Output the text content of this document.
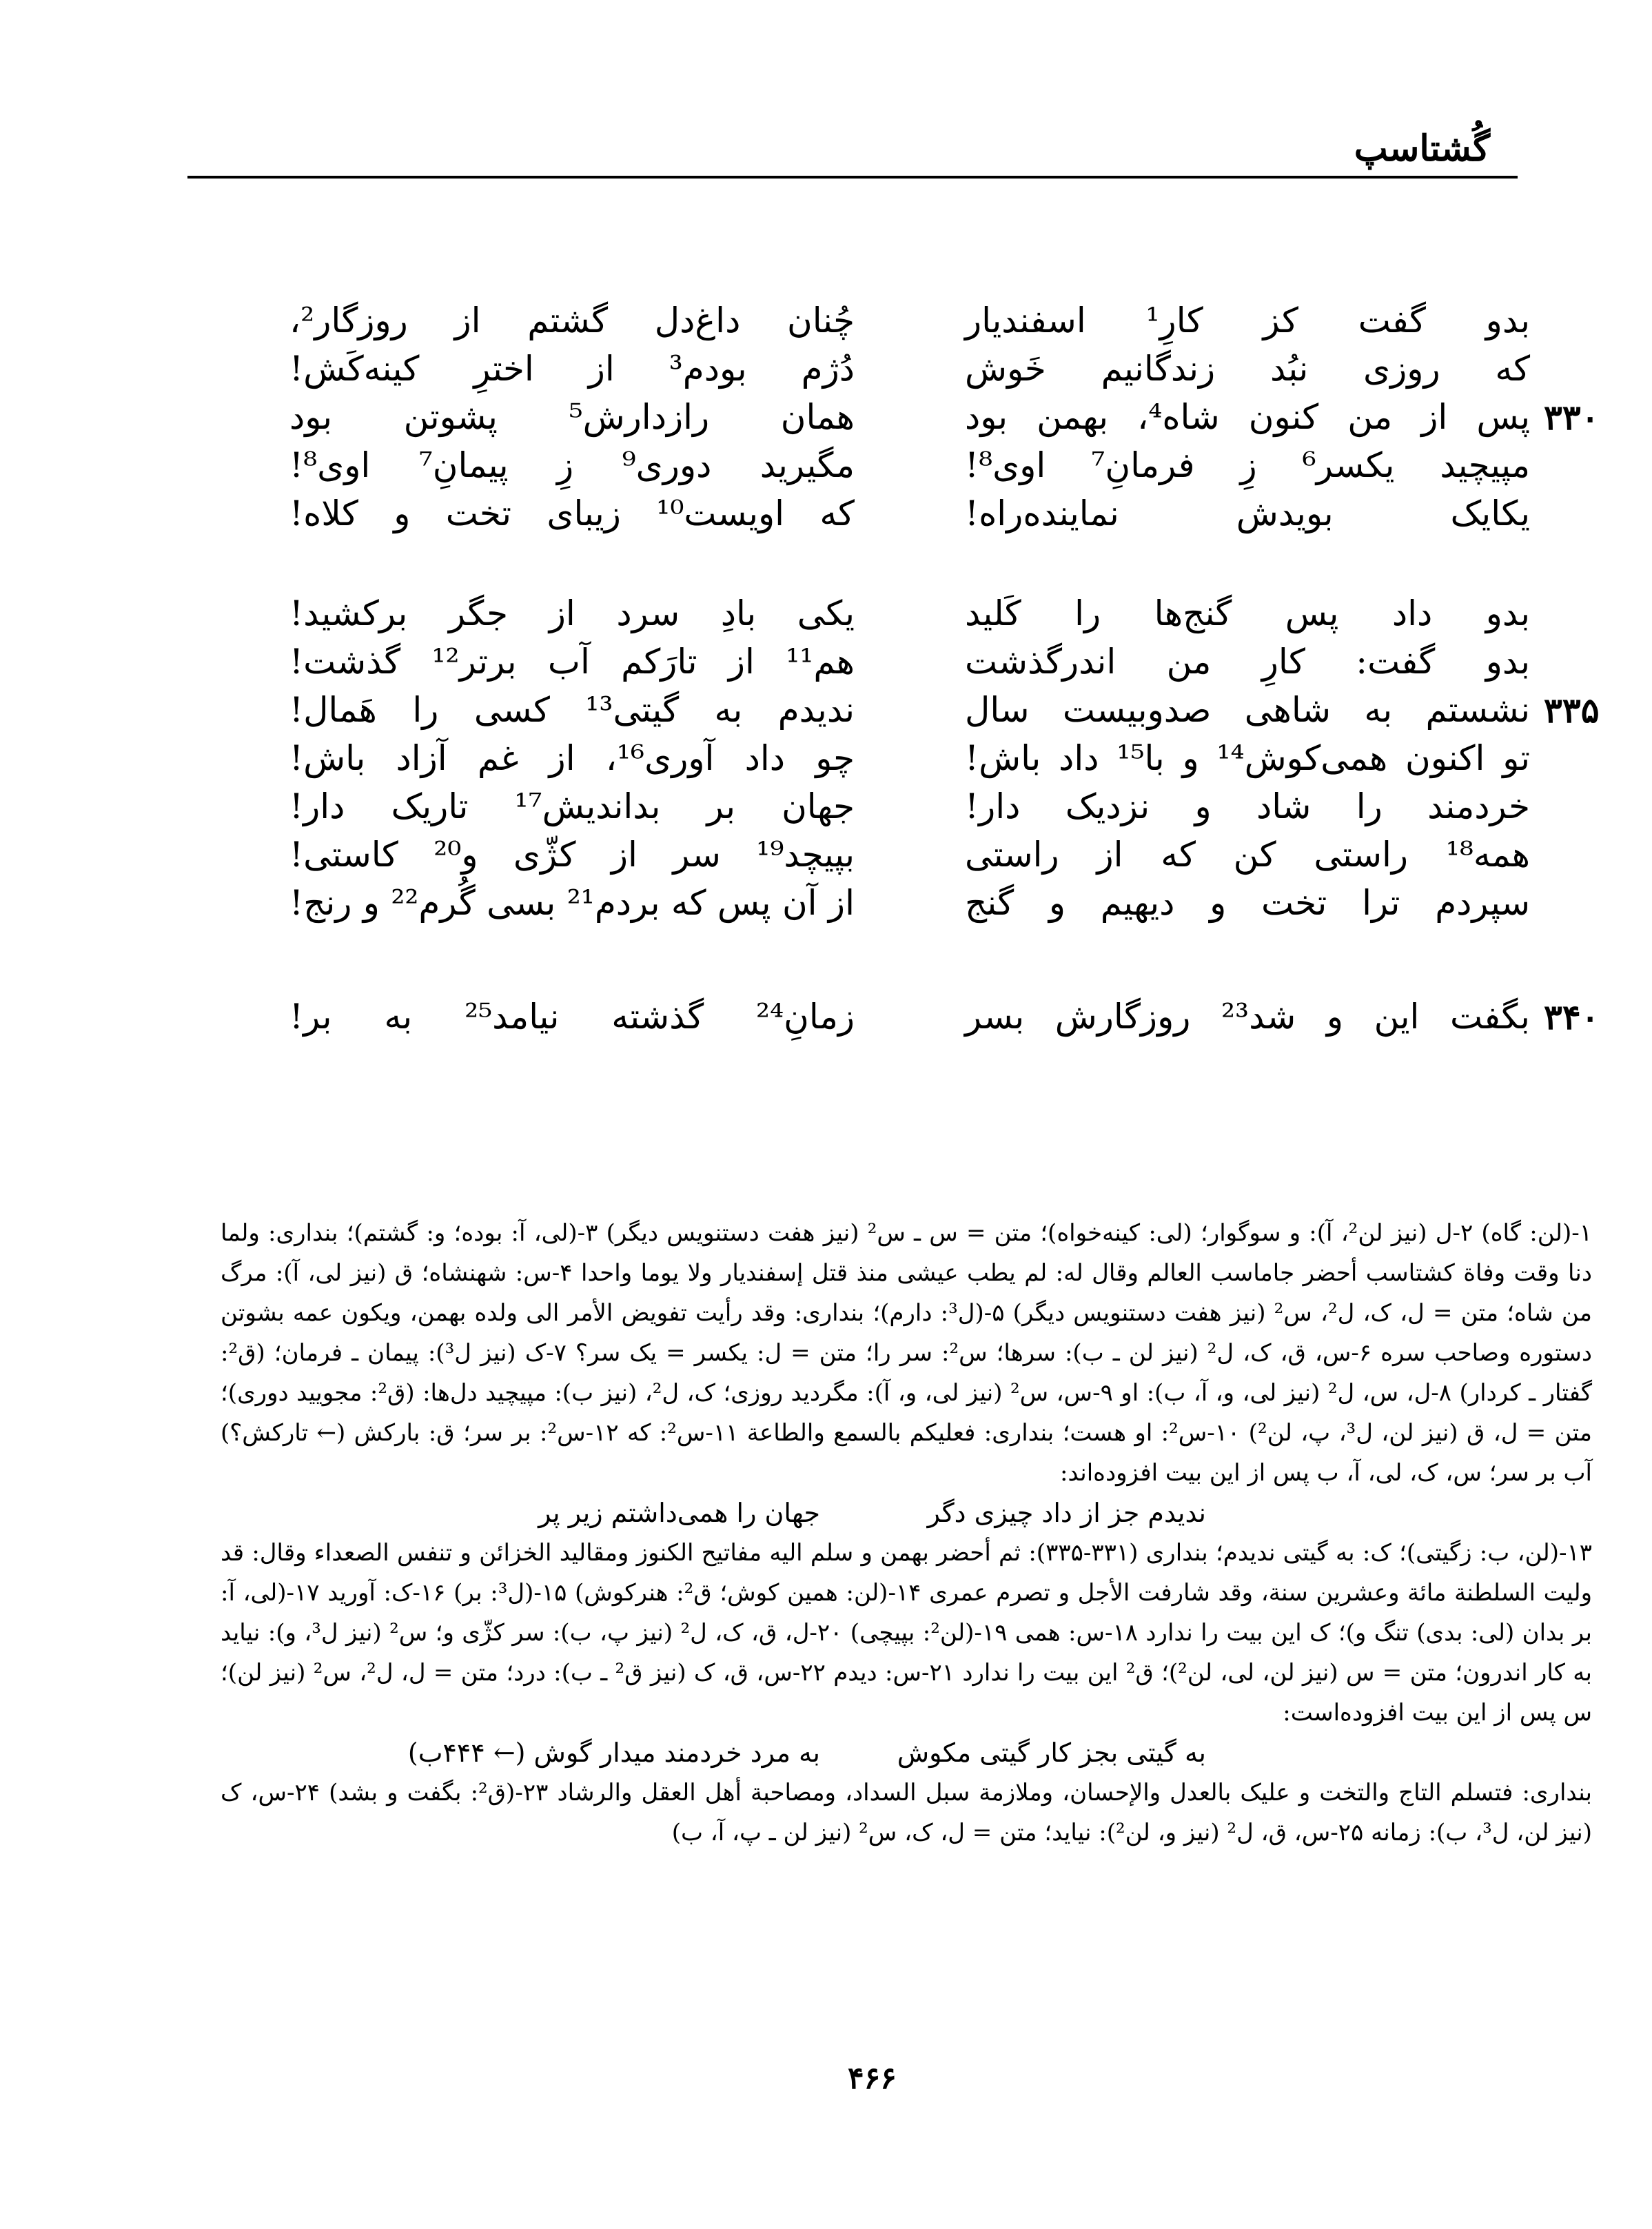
گُشتاسپ
بدو گفت کز کارِ¹ اسفندیار
چُنان داغ‌دل گشتم از روزگار²،
که روزی نبُد زندگانیم خَوش
دُژم بودم³ از اخترِ کینه‌کَش!
۳۳۰
پس از من کنون شاه⁴، بهمن بود
همان رازدارش⁵ پشوتن بود
مپیچید یکسر⁶ زِ فرمانِ⁷ اوی⁸!
مگیرید دوری⁹ زِ پیمانِ⁷ اوی⁸!
یکایک بویدش نماینده‌راه!
که اویست¹⁰ زیبای تخت و کلاه!
بدو داد پس گنج‌ها را کَلید
یکی بادِ سرد از جگر برکشید!
بدو گفت: کارِ من اندرگذشت
هم¹¹ از تارَکم آب برتر¹² گذشت!
۳۳۵
نشستم به شاهی صدوبیست سال
ندیدم به گیتی¹³ کسی را هَمال!
تو اکنون همی‌کوش¹⁴ و با¹⁵ داد باش!
چو داد آوری¹⁶، از غم آزاد باش!
خردمند را شاد و نزدیک دار!
جهان بر بداندیش¹⁷ تاریک دار!
همه¹⁸ راستی کن که از راستی
بپیچد¹⁹ سر از کژّی و²⁰ کاستی!
سپردم ترا تخت و دیهیم و گنج
از آن پس که بردم²¹ بسی گُرم²² و رنج!
۳۴۰
بگفت این و شد²³ روزگارش بسر
زمانِ²⁴ گذشته نیامد²⁵ به بر!

۱-(لن: گاه) ۲-ل (نیز لن²، آ): و سوگوار؛ (لی: کینه‌خواه)؛ متن = س ـ س² (نیز هفت دستنویس دیگر) ۳-(لی، آ: بوده؛ و: گشتم)؛ بنداری: ولما دنا وقت وفاة کشتاسب أحضر جاماسب العالم وقال له: لم یطب عیشی منذ قتل إسفندیار ولا یوما واحدا ۴-س: شهنشاه؛ ق (نیز لی، آ): مرگ من شاه؛ متن = ل، ک، ل²، س² (نیز هفت دستنویس دیگر) ۵-(ل³: دارم)؛ بنداری: وقد رأیت تفویض الأمر الی ولده بهمن، ویکون عمه بشوتن دستوره وصاحب سره ۶-س، ق، ک، ل² (نیز لن ـ ب): سرها؛ س²: سر را؛ متن = ل: یکسر = یک سر؟ ۷-ک (نیز ل³): پیمان ـ فرمان؛ (ق²: گفتار ـ کردار) ۸-ل، س، ل² (نیز لی، و، آ، ب): او ۹-س، س² (نیز لی، و، آ): مگردید روزی؛ ک، ل²، (نیز ب): مپیچید دل‌ها: (ق²: مجویید دوری)؛ متن = ل، ق (نیز لن، ل³، پ، لن²) ۱۰-س²: او هست؛ بنداری: فعلیکم بالسمع والطاعة ۱۱-س²: که ۱۲-س²: بر سر؛ ق: بارکش (← تارکش؟) آب بر سر؛ س، ک، لی، آ، ب پس از این بیت افزوده‌اند:

ندیدم جز از داد چیزی دگر
جهان را همی‌داشتم زیر پر

۱۳-(لن، ب: زگیتی)؛ ک: به گیتی ندیدم؛ بنداری (۳۳۱-۳۳۵): ثم أحضر بهمن و سلم الیه مفاتیح الکنوز ومقالید الخزائن و تنفس الصعداء وقال: قد ولیت السلطنة مائة وعشرین سنة، وقد شارفت الأجل و تصرم عمری ۱۴-(لن: همین کوش؛ ق²: هنرکوش) ۱۵-(ل³: بر) ۱۶-ک: آورید ۱۷-(لی، آ: بر بدان (لی: بدی) تنگ و)؛ ک این بیت را ندارد ۱۸-س: همی ۱۹-(لن²: بپیچی) ۲۰-ل، ق، ک، ل² (نیز پ، ب): سر کژّی و؛ س² (نیز ل³، و): نیاید به کار اندرون؛ متن = س (نیز لن، لی، لن²)؛ ق² این بیت را ندارد ۲۱-س: دیدم ۲۲-س، ق، ک (نیز ق² ـ ب): درد؛ متن = ل، ل²، س² (نیز لن)؛ س پس از این بیت افزوده‌است:

به گیتی بجز کار گیتی مکوش
به مرد خردمند میدار گوش (← ۴۴۴ب)

بنداری: فتسلم التاج والتخت و علیک بالعدل والإحسان، وملازمة سبل السداد، ومصاحبة أهل العقل والرشاد ۲۳-(ق²: بگفت و بشد) ۲۴-س، ک (نیز لن، ل³، ب): زمانه ۲۵-س، ق، ل² (نیز و، لن²): نیاید؛ متن = ل، ک، س² (نیز لن ـ پ، آ، ب)

۴۶۶
